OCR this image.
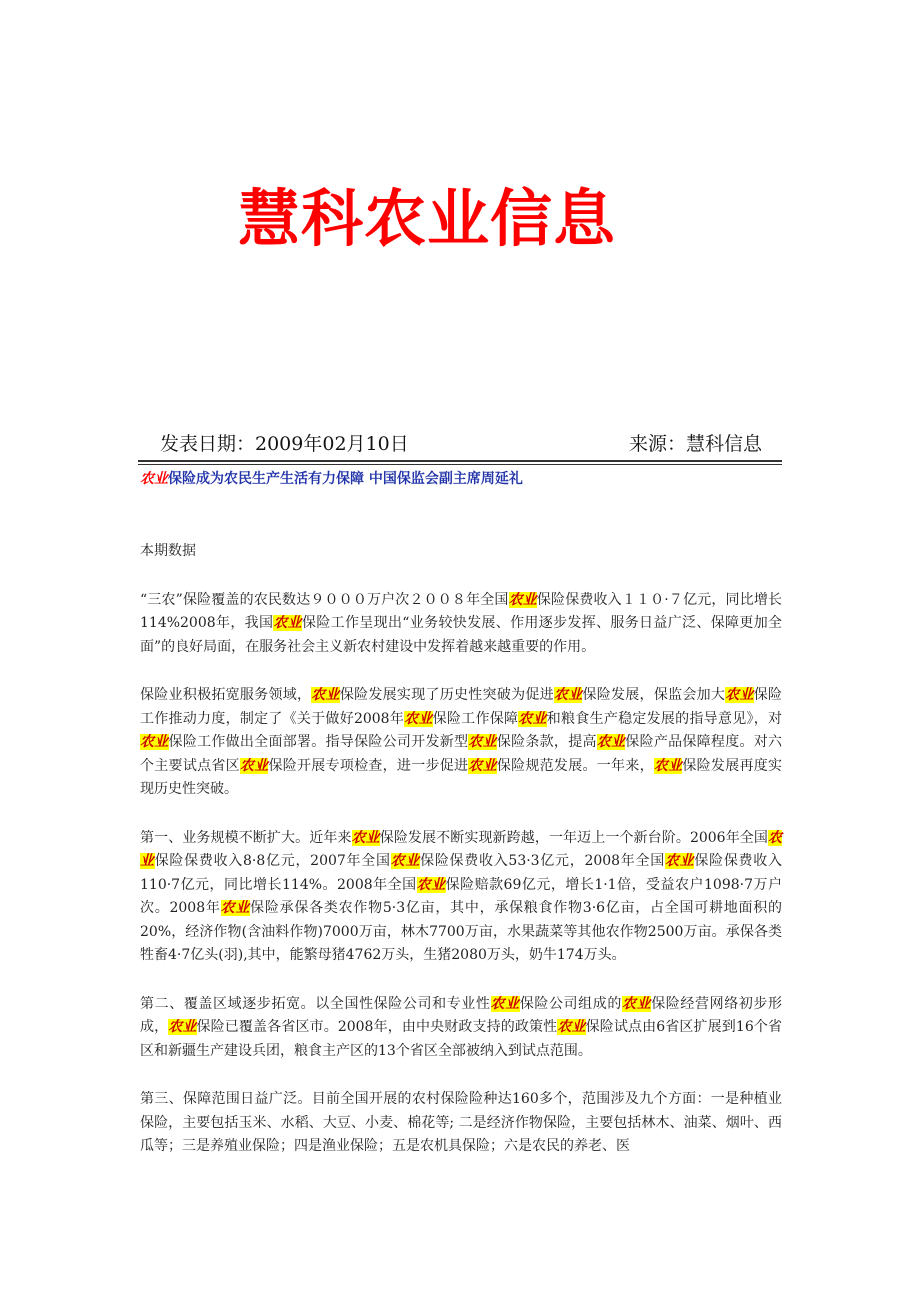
慧科农业信息
发表日期：2009年02月10日	来源：慧科信息
农业保险成为农民生产生活有力保障 中国保监会副主席周延礼

本期数据

“三农”保险覆盖的农民数达９０００万户次２００８年全国农业保险保费收入１１０·７亿元，同比增长114%2008年，我国农业保险工作呈现出“业务较快发展、作用逐步发挥、服务日益广泛、保障更加全面”的良好局面，在服务社会主义新农村建设中发挥着越来越重要的作用。

保险业积极拓宽服务领域，农业保险发展实现了历史性突破为促进农业保险发展，保监会加大农业保险工作推动力度，制定了《关于做好2008年农业保险工作保障农业和粮食生产稳定发展的指导意见》，对农业保险工作做出全面部署。指导保险公司开发新型农业保险条款，提高农业保险产品保障程度。对六个主要试点省区农业保险开展专项检查，进一步促进农业保险规范发展。一年来，农业保险发展再度实现历史性突破。

第一、业务规模不断扩大。近年来农业保险发展不断实现新跨越，一年迈上一个新台阶。2006年全国农业保险保费收入8·8亿元，2007年全国农业保险保费收入53·3亿元，2008年全国农业保险保费收入110·7亿元，同比增长114%。2008年全国农业保险赔款69亿元，增长1·1倍，受益农户1098·7万户次。2008年农业保险承保各类农作物5·3亿亩，其中，承保粮食作物3·6亿亩，占全国可耕地面积的20%，经济作物(含油料作物)7000万亩，林木7700万亩，水果蔬菜等其他农作物2500万亩。承保各类牲畜4·7亿头(羽),其中，能繁母猪4762万头，生猪2080万头，奶牛174万头。

第二、覆盖区域逐步拓宽。以全国性保险公司和专业性农业保险公司组成的农业保险经营网络初步形成，农业保险已覆盖各省区市。2008年，由中央财政支持的政策性农业保险试点由6省区扩展到16个省区和新疆生产建设兵团，粮食主产区的13个省区全部被纳入到试点范围。

第三、保障范围日益广泛。目前全国开展的农村保险险种达160多个，范围涉及九个方面：一是种植业保险，主要包括玉米、水稻、大豆、小麦、棉花等; 二是经济作物保险，主要包括林木、油菜、烟叶、西瓜等；三是养殖业保险；四是渔业保险；五是农机具保险；六是农民的养老、医
